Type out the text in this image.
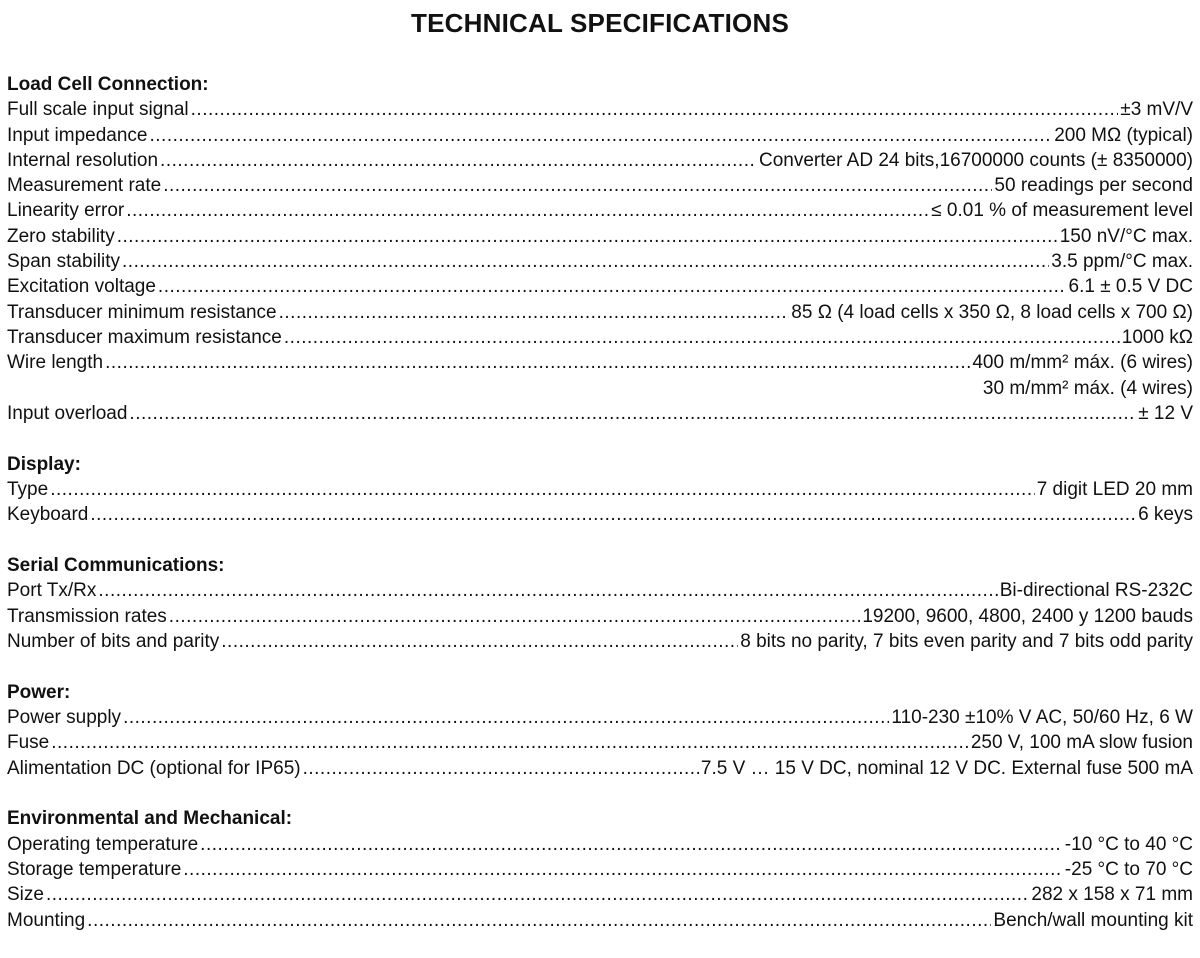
TECHNICAL SPECIFICATIONS
Load Cell Connection:
Full scale input signal .....	±3 mV/V
Input impedance .....	200 MΩ (typical)
Internal resolution .....	Converter AD 24 bits,16700000 counts (± 8350000)
Measurement rate .....	50 readings per second
Linearity error .....	≤ 0.01 % of measurement level
Zero stability .....	150 nV/°C max.
Span stability .....	3.5 ppm/°C max.
Excitation voltage .....	6.1 ± 0.5 V DC
Transducer minimum resistance .....	85 Ω (4 load cells x 350 Ω, 8 load cells x 700 Ω)
Transducer maximum resistance .....	1000 kΩ
Wire length .....	400 m/mm² máx. (6 wires)
30 m/mm² máx. (4 wires)
Input overload .....	± 12 V
Display:
Type .....	7 digit LED 20 mm
Keyboard .....	6 keys
Serial Communications:
Port Tx/Rx .....	Bi-directional RS-232C
Transmission rates .....	19200, 9600, 4800, 2400 y 1200 bauds
Number of bits and parity .....	8 bits no parity, 7 bits even parity and 7 bits odd parity
Power:
Power supply .....	110-230 ±10% V AC, 50/60 Hz, 6 W
Fuse .....	250 V, 100 mA slow fusion
Alimentation DC (optional for IP65) .....	7.5 V … 15 V DC, nominal 12 V DC. External fuse 500 mA
Environmental and Mechanical:
Operating temperature .....	-10 °C to 40 °C
Storage temperature .....	-25 °C to 70 °C
Size .....	282 x 158 x 71 mm
Mounting .....	Bench/wall mounting kit
